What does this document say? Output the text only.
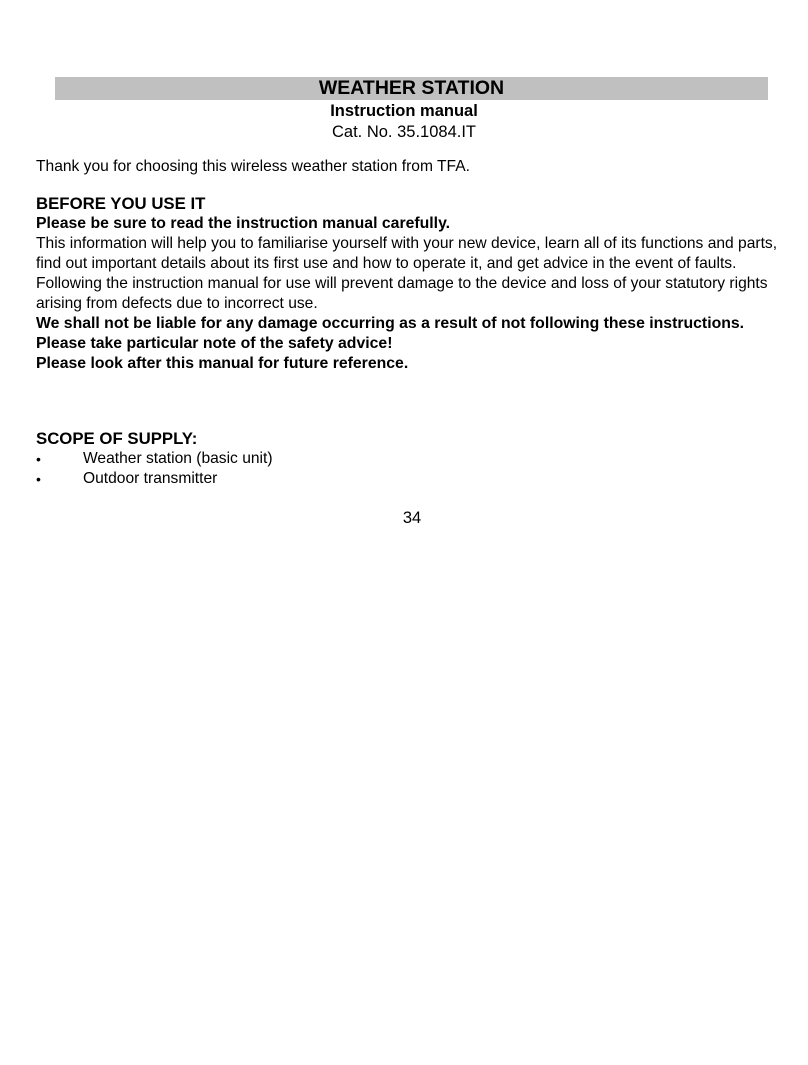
WEATHER STATION
Instruction manual
Cat. No. 35.1084.IT
Thank you for choosing this wireless weather station from TFA.
BEFORE YOU USE IT

Please be sure to read the instruction manual carefully.

This information will help you to familiarise yourself with your new device, learn all of its functions and parts, find out important details about its first use and how to operate it, and get advice in the event of faults.

Following the instruction manual for use will prevent damage to the device and loss of your statutory rights arising from defects due to incorrect use.

We shall not be liable for any damage occurring as a result of not following these instructions.

Please take particular note of the safety advice!

Please look after this manual for future reference.

SCOPE OF SUPPLY:
•	Weather station (basic unit)
•	Outdoor transmitter
34
